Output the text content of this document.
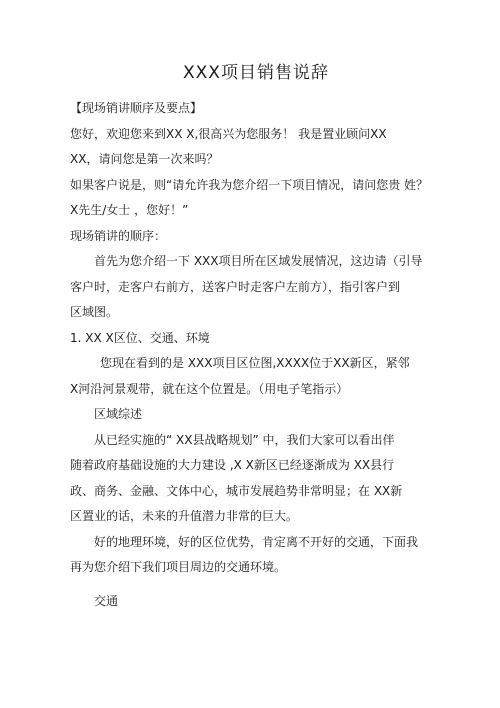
XXX项目销售说辞

【现场销讲顺序及要点】

您好，欢迎您来到XX X,很高兴为您服务！ 我是置业顾问XX

XX，请问您是第一次来吗？

如果客户说是，则“请允许我为您介绍一下项目情况，请问您贵 姓？

X先生/女士 ，您好！”

现场销讲的顺序：

首先为您介绍一下 XXX项目所在区域发展情况，这边请（引导

客户时，走客户右前方，送客户时走客户左前方），指引客户到

区域图。

1. XX X区位、交通、环境

您现在看到的是 XXX项目区位图,XXXX位于XX新区，紧邻

X河沿河景观带，就在这个位置是。（用电子笔指示）

区域综述

从已经实施的“ XX县战略规划” 中，我们大家可以看出伴

随着政府基础设施的大力建设 ,X X新区已经逐渐成为 XX县行

政、商务、金融、文体中心，城市发展趋势非常明显；在 XX新

区置业的话，未来的升值潜力非常的巨大。

好的地理环境，好的区位优势，肯定离不开好的交通，下面我

再为您介绍下我们项目周边的交通环境。

交通
